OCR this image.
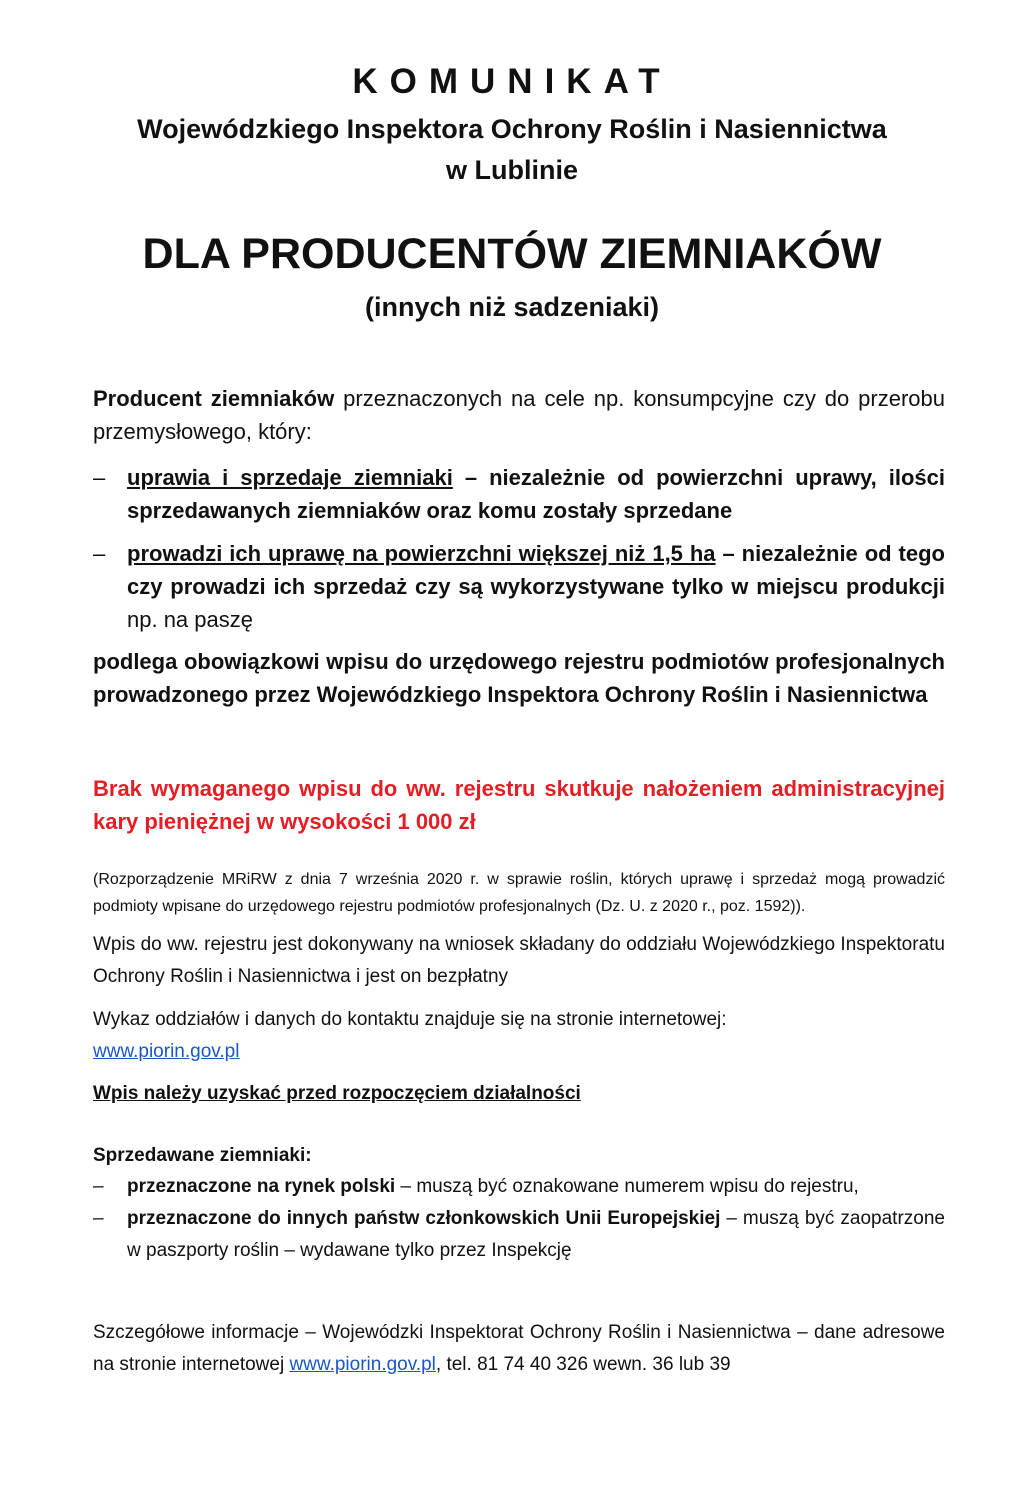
KOMUNIKAT
Wojewódzkiego Inspektora Ochrony Roślin i Nasiennictwa
w Lublinie
DLA PRODUCENTÓW ZIEMNIAKÓW
(innych niż sadzeniaki)
Producent ziemniaków przeznaczonych na cele np. konsumpcyjne czy do przerobu przemysłowego, który:
– uprawia i sprzedaje ziemniaki – niezależnie od powierzchni uprawy, ilości sprzedawanych ziemniaków oraz komu zostały sprzedane
– prowadzi ich uprawę na powierzchni większej niż 1,5 ha – niezależnie od tego czy prowadzi ich sprzedaż czy są wykorzystywane tylko w miejscu produkcji np. na paszę
podlega obowiązkowi wpisu do urzędowego rejestru podmiotów profesjonalnych prowadzonego przez Wojewódzkiego Inspektora Ochrony Roślin i Nasiennictwa
Brak wymaganego wpisu do ww. rejestru skutkuje nałożeniem administracyjnej kary pieniężnej w wysokości 1 000 zł
(Rozporządzenie MRiRW z dnia 7 września 2020 r. w sprawie roślin, których uprawę i sprzedaż mogą prowadzić podmioty wpisane do urzędowego rejestru podmiotów profesjonalnych (Dz. U. z 2020 r., poz. 1592)).
Wpis do ww. rejestru jest dokonywany na wniosek składany do oddziału Wojewódzkiego Inspektoratu Ochrony Roślin i Nasiennictwa i jest on bezpłatny
Wykaz oddziałów i danych do kontaktu znajduje się na stronie internetowej:
www.piorin.gov.pl
Wpis należy uzyskać przed rozpoczęciem działalności
Sprzedawane ziemniaki:
–	przeznaczone na rynek polski – muszą być oznakowane numerem wpisu do rejestru,
–	przeznaczone do innych państw członkowskich Unii Europejskiej – muszą być zaopatrzone w paszporty roślin – wydawane tylko przez Inspekcję
Szczegółowe informacje – Wojewódzki Inspektorat Ochrony Roślin i Nasiennictwa – dane adresowe na stronie internetowej www.piorin.gov.pl, tel. 81 74 40 326 wewn. 36 lub 39
